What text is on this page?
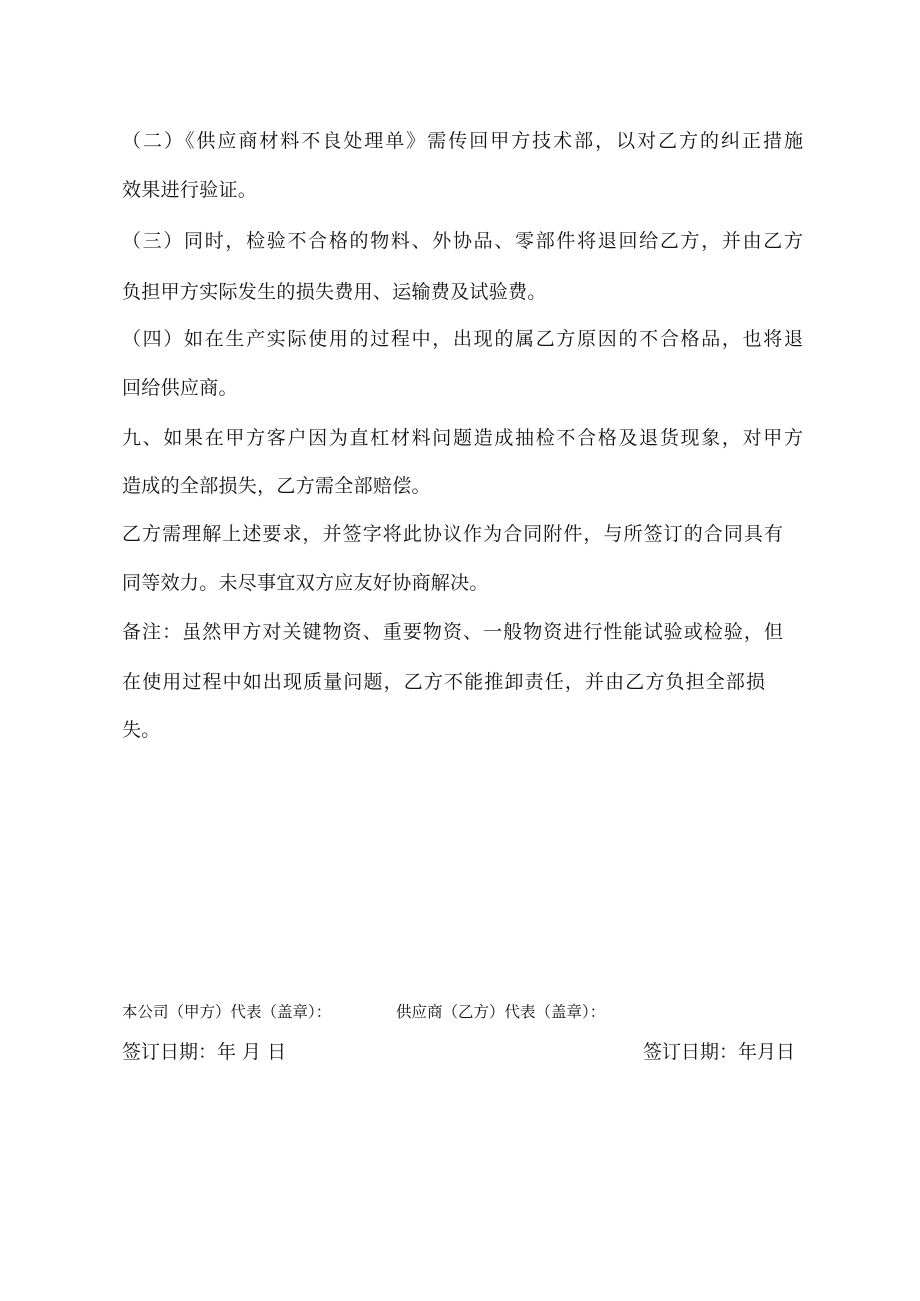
（二）《供应商材料不良处理单》需传回甲方技术部，以对乙方的纠正措施
效果进行验证。
（三）同时，检验不合格的物料、外协品、零部件将退回给乙方，并由乙方
负担甲方实际发生的损失费用、运输费及试验费。
（四）如在生产实际使用的过程中，出现的属乙方原因的不合格品，也将退
回给供应商。
九、如果在甲方客户因为直杠材料问题造成抽检不合格及退货现象，对甲方
造成的全部损失，乙方需全部赔偿。
乙方需理解上述要求，并签字将此协议作为合同附件，与所签订的合同具有
同等效力。未尽事宜双方应友好协商解决。
备注：虽然甲方对关键物资、重要物资、一般物资进行性能试验或检验，但
在使用过程中如出现质量问题，乙方不能推卸责任，并由乙方负担全部损
失。
本公司（甲方）代表（盖章）：	供应商（乙方）代表（盖章）：
签订日期：年 月 日	签订日期：年月日
